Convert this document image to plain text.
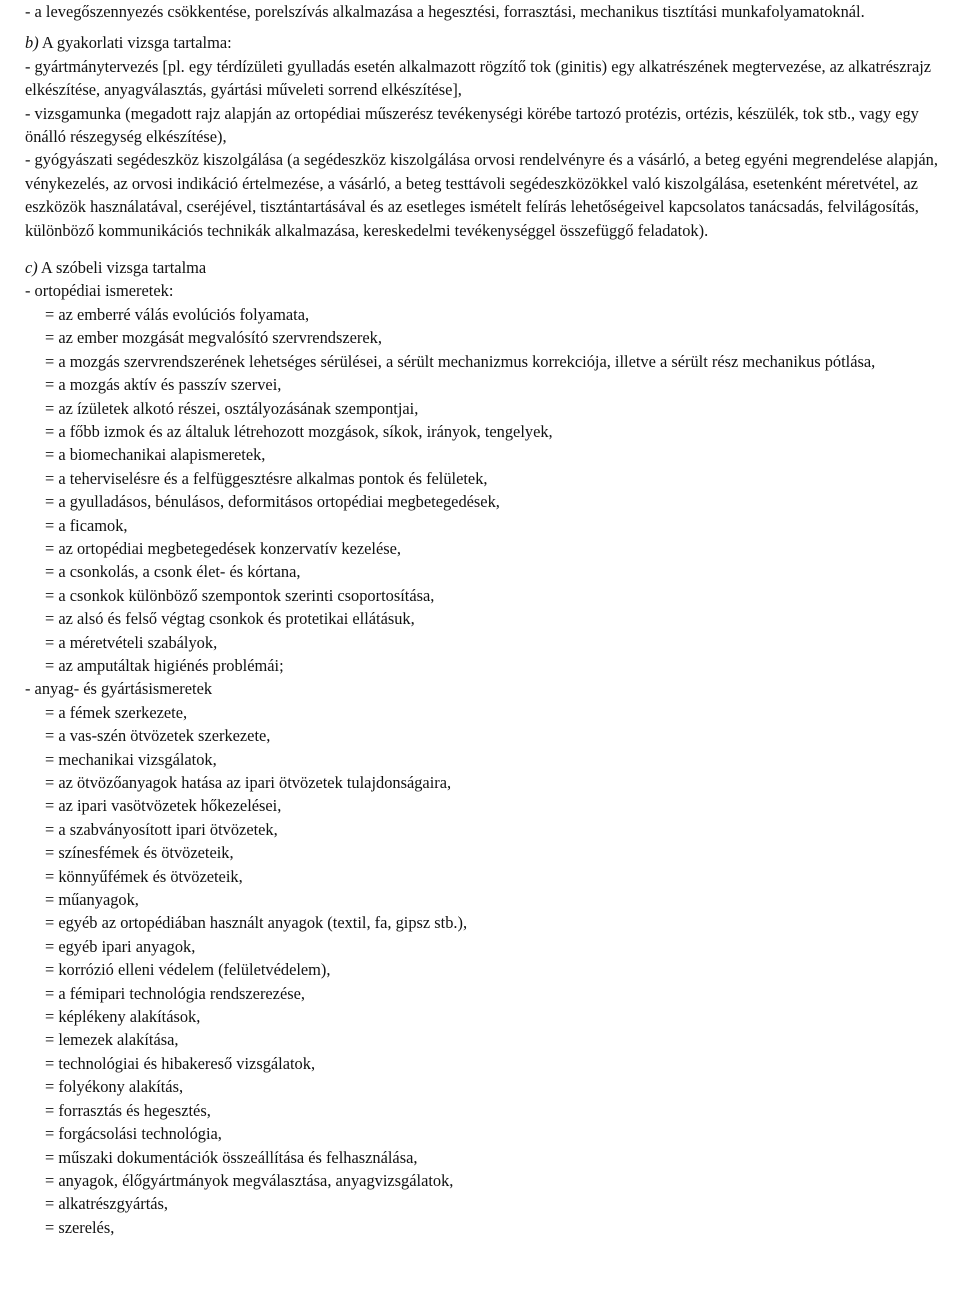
- a levegőszennyezés csökkentése, porelszívás alkalmazása a hegesztési, forrasztási, mechanikus tisztítási munkafolyamatoknál.

b) A gyakorlati vizsga tartalma:

- gyártmánytervezés [pl. egy térdízületi gyulladás esetén alkalmazott rögzítő tok (ginitis) egy alkatrészének megtervezése, az alkatrészrajz elkészítése, anyagválasztás, gyártási műveleti sorrend elkészítése],

- vizsgamunka (megadott rajz alapján az ortopédiai műszerész tevékenységi körébe tartozó protézis, ortézis, készülék, tok stb., vagy egy önálló részegység elkészítése),

- gyógyászati segédeszköz kiszolgálása (a segédeszköz kiszolgálása orvosi rendelvényre és a vásárló, a beteg egyéni megrendelése alapján, vénykezelés, az orvosi indikáció értelmezése, a vásárló, a beteg testtávoli segédeszközökkel való kiszolgálása, esetenként méretvétel, az eszközök használatával, cseréjével, tisztántartásával és az esetleges ismételt felírás lehetőségeivel kapcsolatos tanácsadás, felvilágosítás, különböző kommunikációs technikák alkalmazása, kereskedelmi tevékenységgel összefüggő feladatok).

c) A szóbeli vizsga tartalma

- ortopédiai ismeretek:

= az emberré válás evolúciós folyamata,

= az ember mozgását megvalósító szervrendszerek,

= a mozgás szervrendszerének lehetséges sérülései, a sérült mechanizmus korrekciója, illetve a sérült rész mechanikus pótlása,

= a mozgás aktív és passzív szervei,

= az ízületek alkotó részei, osztályozásának szempontjai,

= a főbb izmok és az általuk létrehozott mozgások, síkok, irányok, tengelyek,

= a biomechanikai alapismeretek,

= a teherviselésre és a felfüggesztésre alkalmas pontok és felületek,

= a gyulladásos, bénulásos, deformitásos ortopédiai megbetegedések,

= a ficamok,

= az ortopédiai megbetegedések konzervatív kezelése,

= a csonkolás, a csonk élet- és kórtana,

= a csonkok különböző szempontok szerinti csoportosítása,

= az alsó és felső végtag csonkok és protetikai ellátásuk,

= a méretvételi szabályok,

= az amputáltak higiénés problémái;

- anyag- és gyártásismeretek

= a fémek szerkezete,

= a vas-szén ötvözetek szerkezete,

= mechanikai vizsgálatok,

= az ötvözőanyagok hatása az ipari ötvözetek tulajdonságaira,

= az ipari vasötvözetek hőkezelései,

= a szabványosított ipari ötvözetek,

= színesfémek és ötvözeteik,

= könnyűfémek és ötvözeteik,

= műanyagok,

= egyéb az ortopédiában használt anyagok (textil, fa, gipsz stb.),

= egyéb ipari anyagok,

= korrózió elleni védelem (felületvédelem),

= a fémipari technológia rendszerezése,

= képlékeny alakítások,

= lemezek alakítása,

= technológiai és hibakereső vizsgálatok,

= folyékony alakítás,

= forrasztás és hegesztés,

= forgácsolási technológia,

= műszaki dokumentációk összeállítása és felhasználása,

= anyagok, élőgyártmányok megválasztása, anyagvizsgálatok,

= alkatrészgyártás,

= szerelés,
